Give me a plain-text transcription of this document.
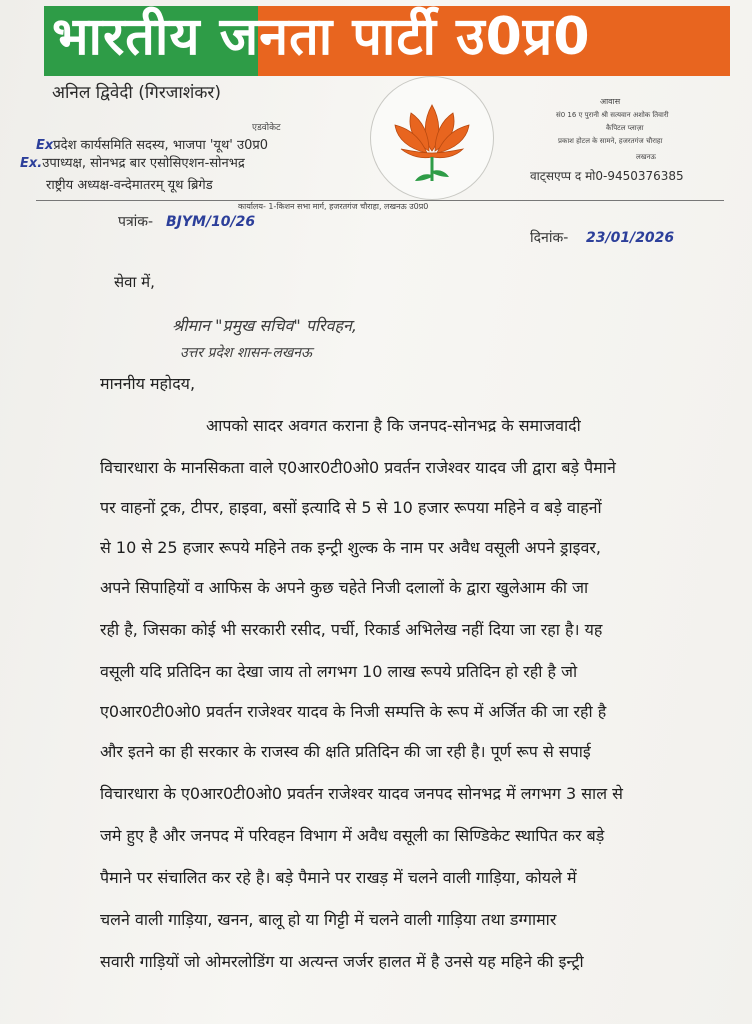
भारतीय जनता पार्टी उ0प्र0
अनिल द्विवेदी (गिरजाशंकर)
एडवोकेट
Exप्रदेश कार्यसमिति सदस्य, भाजपा 'यूथ' उ0प्र0
Ex.उपाध्यक्ष, सोनभद्र बार एसोसिएशन-सोनभद्र
राष्ट्रीय अध्यक्ष-वन्देमातरम् यूथ ब्रिगेड
आवास
सं0 16 ए पुरानी श्री सत्यवान अशोक तिवारी
कैपिटल प्लाज़ा
प्रकाश होटल के सामने, हजरतगंज चौराहा
लखनऊ
वाट्सएप्प द मो0-9450376385
कार्यालय- 1-किशन सभा मार्ग, हजरतगंज चौराहा, लखनऊ उ0प्र0
पत्रांक- BJYM/10/26
दिनांक- 23/01/2026
सेवा में,
श्रीमान "प्रमुख सचिव" परिवहन,
उत्तर प्रदेश शासन-लखनऊ
माननीय महोदय,
आपको सादर अवगत कराना है कि जनपद-सोनभद्र के समाजवादी
विचारधारा के मानसिकता वाले ए0आर0टी0ओ0 प्रवर्तन राजेश्वर यादव जी द्वारा बड़े पैमाने
पर वाहनों ट्रक, टीपर, हाइवा, बसों इत्यादि से 5 से 10 हजार रूपया महिने व बड़े वाहनों
से 10 से 25 हजार रूपये महिने तक इन्ट्री शुल्क के नाम पर अवैध वसूली अपने ड्राइवर,
अपने सिपाहियों व आफिस के अपने कुछ चहेते निजी दलालों के द्वारा खुलेआम की जा
रही है, जिसका कोई भी सरकारी रसीद, पर्ची, रिकार्ड अभिलेख नहीं दिया जा रहा है। यह
वसूली यदि प्रतिदिन का देखा जाय तो लगभग 10 लाख रूपये प्रतिदिन हो रही है जो
ए0आर0टी0ओ0 प्रवर्तन राजेश्वर यादव के निजी सम्पत्ति के रूप में अर्जित की जा रही है
और इतने का ही सरकार के राजस्व की क्षति प्रतिदिन की जा रही है। पूर्ण रूप से सपाई
विचारधारा के ए0आर0टी0ओ0 प्रवर्तन राजेश्वर यादव जनपद सोनभद्र में लगभग 3 साल से
जमे हुए है और जनपद में परिवहन विभाग में अवैध वसूली का सिण्डिकेट स्थापित कर बड़े
पैमाने पर संचालित कर रहे है। बड़े पैमाने पर राखड़ में चलने वाली गाड़िया, कोयले में
चलने वाली गाड़िया, खनन, बालू हो या गिट्टी में चलने वाली गाड़िया तथा डग्गामार
सवारी गाड़ियों जो ओमरलोडिंग या अत्यन्त जर्जर हालत में है उनसे यह महिने की इन्ट्री
